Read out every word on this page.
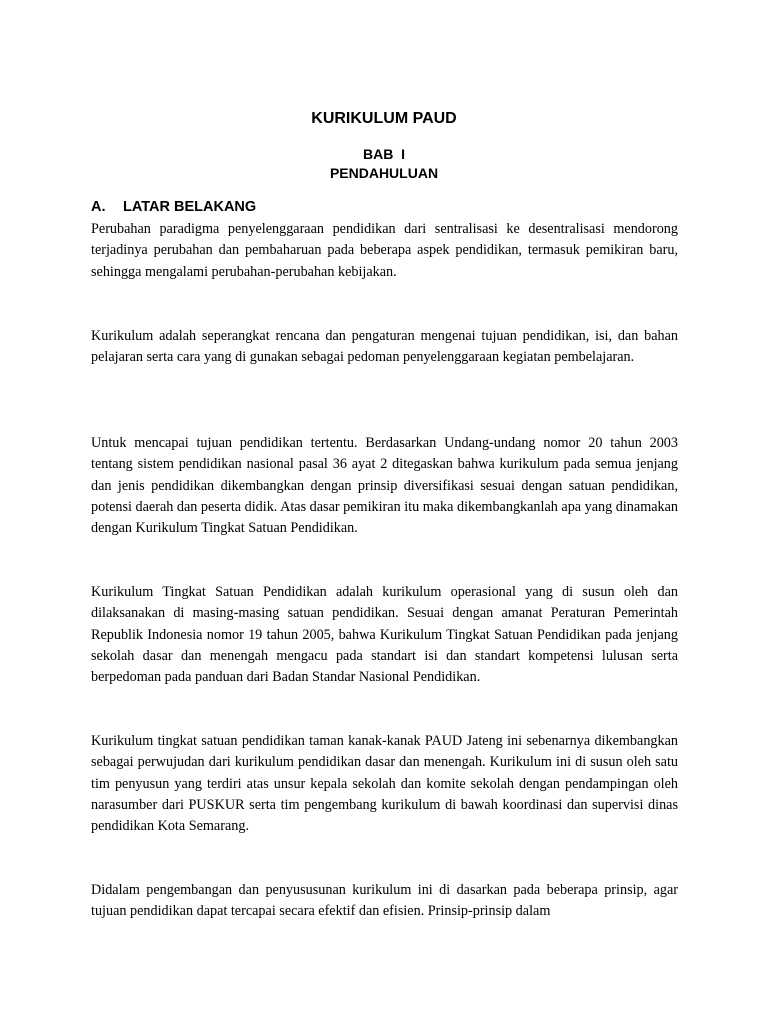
KURIKULUM PAUD
BAB  I
PENDAHULUAN
A. LATAR BELAKANG

Perubahan paradigma penyelenggaraan pendidikan dari sentralisasi ke desentralisasi mendorong terjadinya perubahan dan pembaharuan pada beberapa aspek pendidikan, termasuk pemikiran baru, sehingga mengalami perubahan-perubahan kebijakan.

Kurikulum adalah seperangkat rencana dan pengaturan mengenai tujuan pendidikan, isi, dan bahan pelajaran serta cara yang di gunakan sebagai pedoman penyelenggaraan kegiatan pembelajaran.

Untuk mencapai tujuan pendidikan tertentu. Berdasarkan Undang-undang nomor 20 tahun 2003 tentang sistem pendidikan nasional pasal 36 ayat 2 ditegaskan bahwa kurikulum pada semua jenjang dan jenis pendidikan dikembangkan dengan prinsip diversifikasi sesuai dengan satuan pendidikan, potensi daerah dan peserta didik. Atas dasar pemikiran itu maka dikembangkanlah apa yang dinamakan dengan Kurikulum Tingkat Satuan Pendidikan.

Kurikulum Tingkat Satuan Pendidikan adalah kurikulum operasional yang di susun oleh dan dilaksanakan di masing-masing satuan pendidikan. Sesuai dengan amanat Peraturan Pemerintah Republik Indonesia nomor 19 tahun 2005, bahwa Kurikulum Tingkat Satuan Pendidikan pada jenjang sekolah dasar dan menengah mengacu pada standart isi dan standart kompetensi lulusan serta berpedoman pada panduan dari Badan Standar Nasional Pendidikan.

Kurikulum tingkat satuan pendidikan taman kanak-kanak PAUD Jateng ini sebenarnya dikembangkan sebagai perwujudan dari kurikulum pendidikan dasar dan menengah. Kurikulum ini di susun oleh satu tim penyusun yang terdiri atas unsur kepala sekolah dan komite sekolah dengan pendampingan oleh narasumber dari PUSKUR serta tim pengembang kurikulum di bawah koordinasi dan supervisi dinas pendidikan Kota Semarang.

Didalam pengembangan dan penyususunan kurikulum ini di dasarkan pada beberapa prinsip, agar tujuan pendidikan dapat tercapai secara efektif dan efisien. Prinsip-prinsip dalam
